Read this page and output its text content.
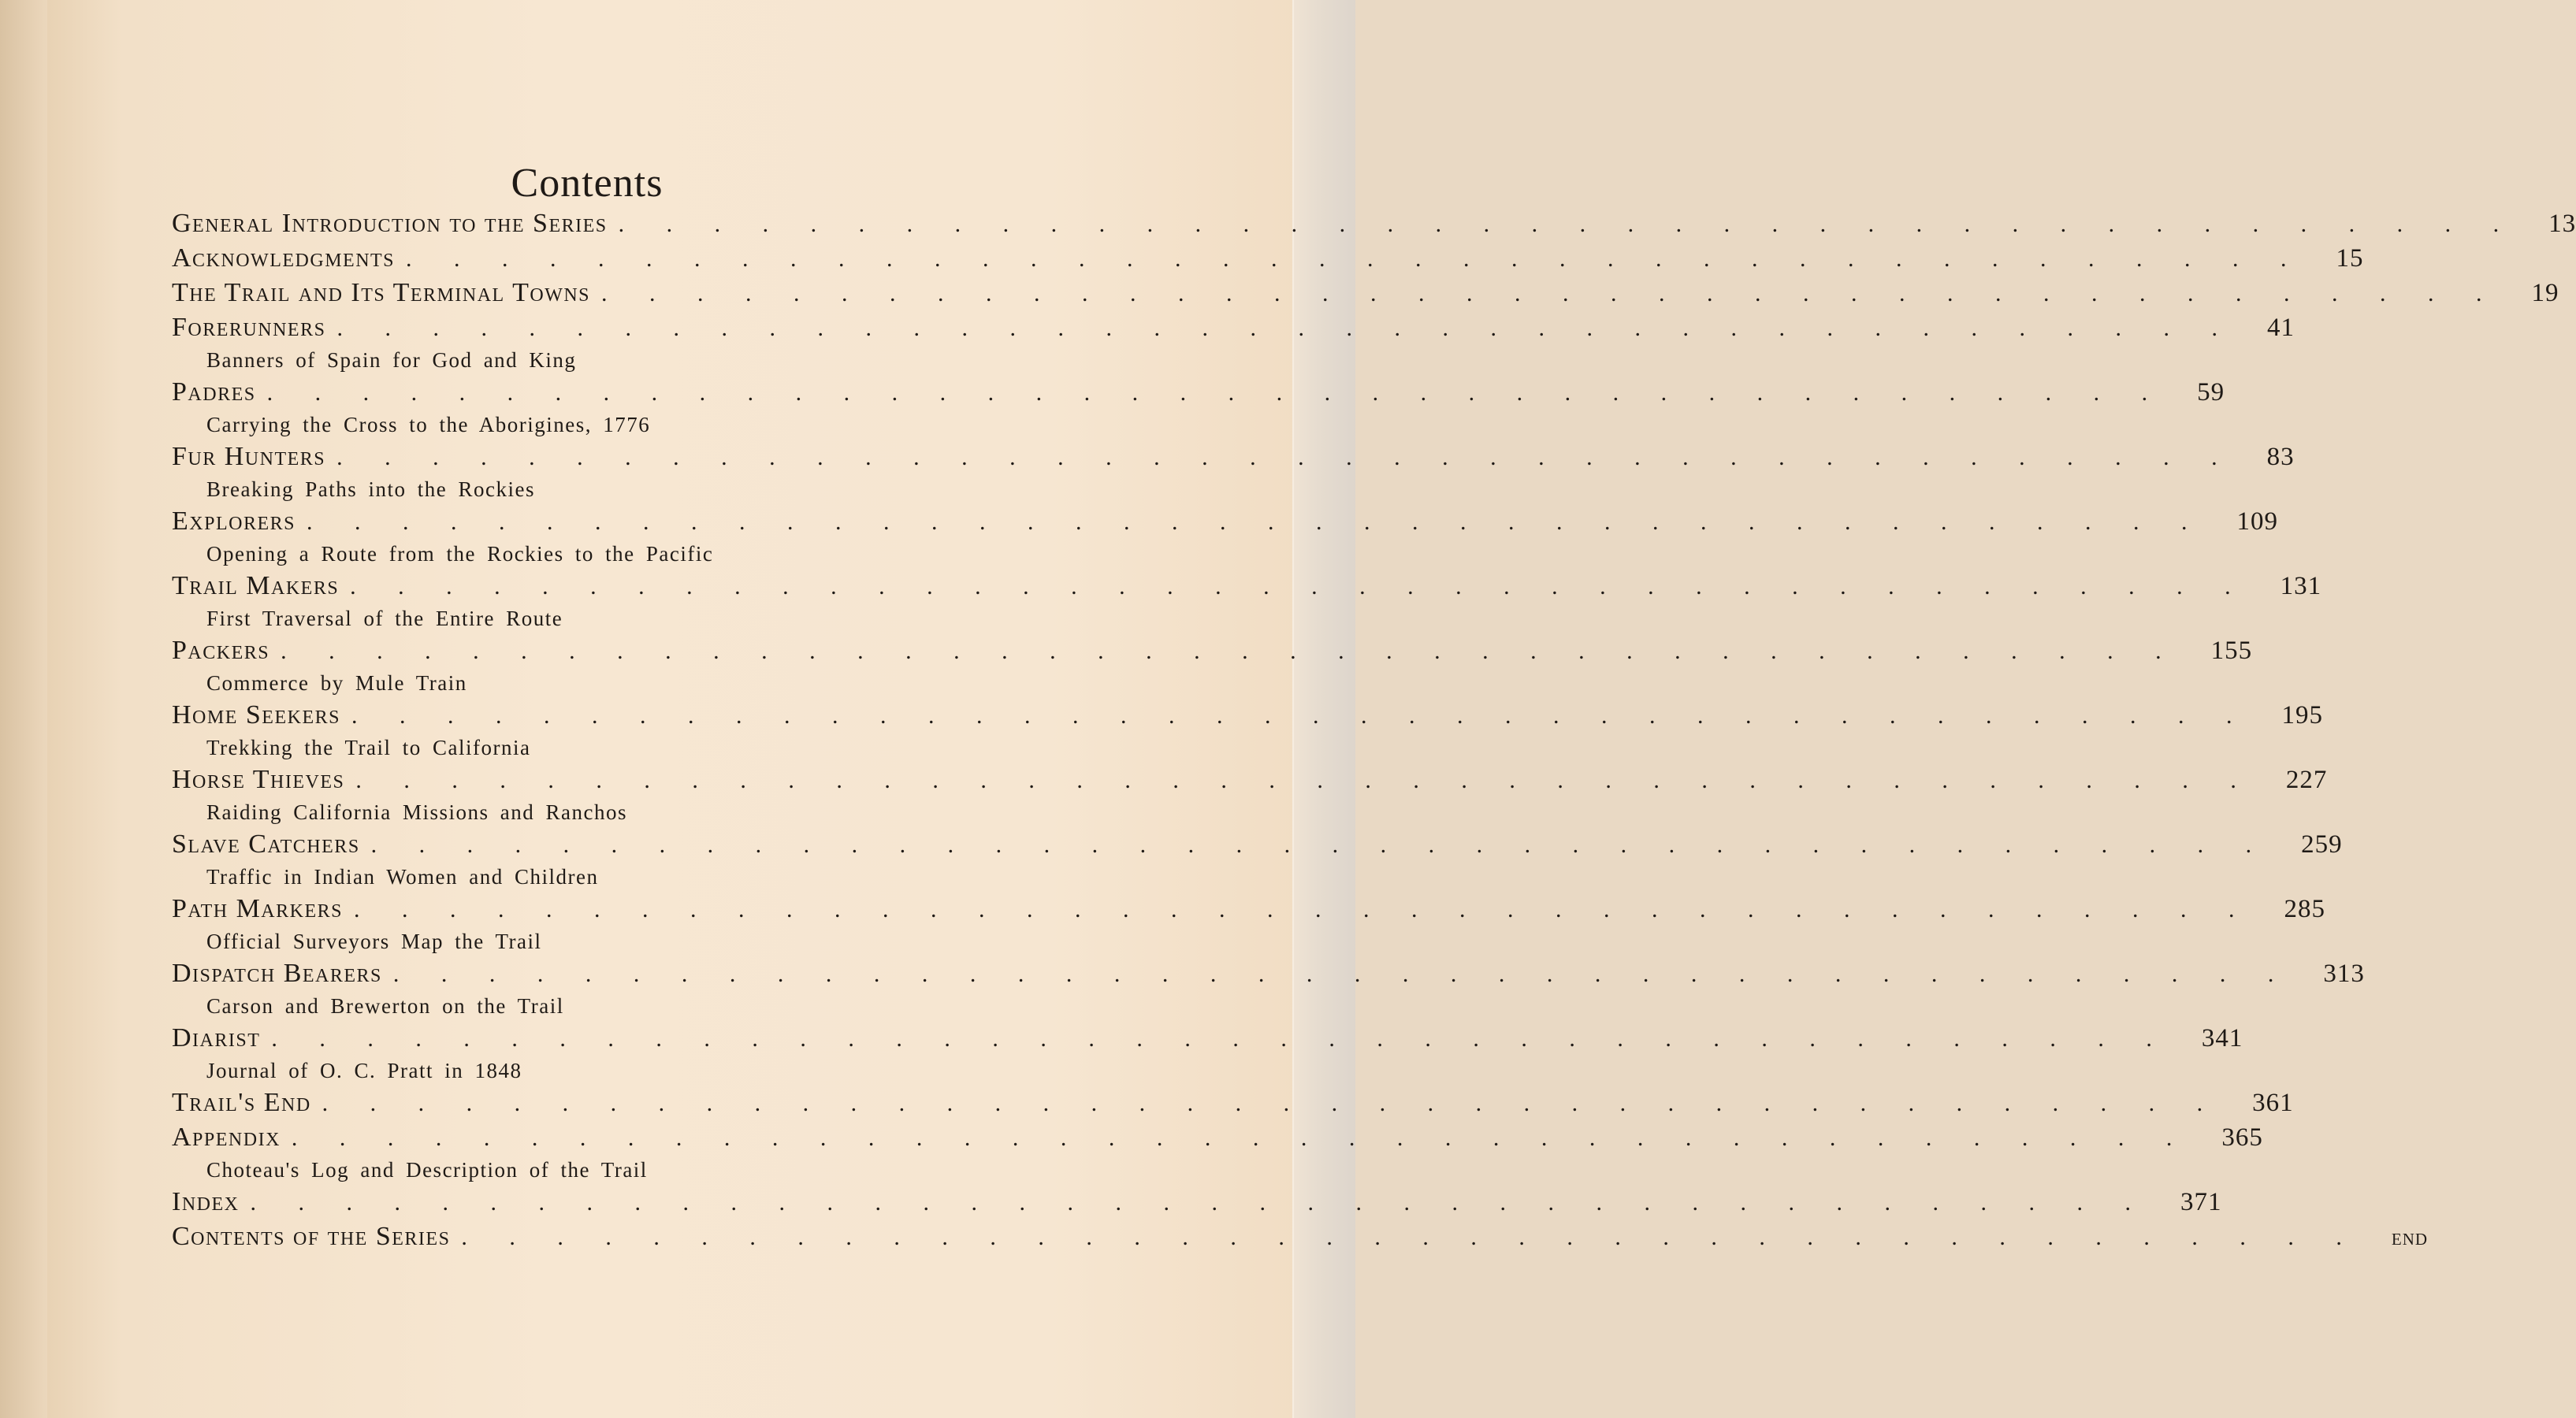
Contents
General Introduction to the Series . . . . . . . . . . . . . . . . . . . . . . . . . . . . . . . . . . . . . . . . 13
Acknowledgments . . . . . . . . . . . . . . . . . . . . . . . . . . . . . . . . . . . . . . . . 15
The Trail and Its Terminal Towns . . . . . . . . . . . . . . . . . . . . . . . . . . . . . . . . . . . . . . . . 19
Forerunners . . . . . . . . . . . . . . . . . . . . . . . . . . . . . . . . . . . . . . . . 41
Banners of Spain for God and King
Padres . . . . . . . . . . . . . . . . . . . . . . . . . . . . . . . . . . . . . . . . 59
Carrying the Cross to the Aborigines, 1776
Fur Hunters . . . . . . . . . . . . . . . . . . . . . . . . . . . . . . . . . . . . . . . . 83
Breaking Paths into the Rockies
Explorers . . . . . . . . . . . . . . . . . . . . . . . . . . . . . . . . . . . . . . . . 109
Opening a Route from the Rockies to the Pacific
Trail Makers . . . . . . . . . . . . . . . . . . . . . . . . . . . . . . . . . . . . . . . . 131
First Traversal of the Entire Route
Packers . . . . . . . . . . . . . . . . . . . . . . . . . . . . . . . . . . . . . . . . 155
Commerce by Mule Train
Home Seekers . . . . . . . . . . . . . . . . . . . . . . . . . . . . . . . . . . . . . . . . 195
Trekking the Trail to California
Horse Thieves . . . . . . . . . . . . . . . . . . . . . . . . . . . . . . . . . . . . . . . . 227
Raiding California Missions and Ranchos
Slave Catchers . . . . . . . . . . . . . . . . . . . . . . . . . . . . . . . . . . . . . . . . 259
Traffic in Indian Women and Children
Path Markers . . . . . . . . . . . . . . . . . . . . . . . . . . . . . . . . . . . . . . . . 285
Official Surveyors Map the Trail
Dispatch Bearers . . . . . . . . . . . . . . . . . . . . . . . . . . . . . . . . . . . . . . . . 313
Carson and Brewerton on the Trail
Diarist . . . . . . . . . . . . . . . . . . . . . . . . . . . . . . . . . . . . . . . . 341
Journal of O. C. Pratt in 1848
Trail's End . . . . . . . . . . . . . . . . . . . . . . . . . . . . . . . . . . . . . . . . 361
Appendix . . . . . . . . . . . . . . . . . . . . . . . . . . . . . . . . . . . . . . . . 365
Choteau's Log and Description of the Trail
Index . . . . . . . . . . . . . . . . . . . . . . . . . . . . . . . . . . . . . . . . 371
Contents of the Series . . . . . . . . . . . . . . . . . . . . . . . . . . . . . . . . . . . . . . . . end
